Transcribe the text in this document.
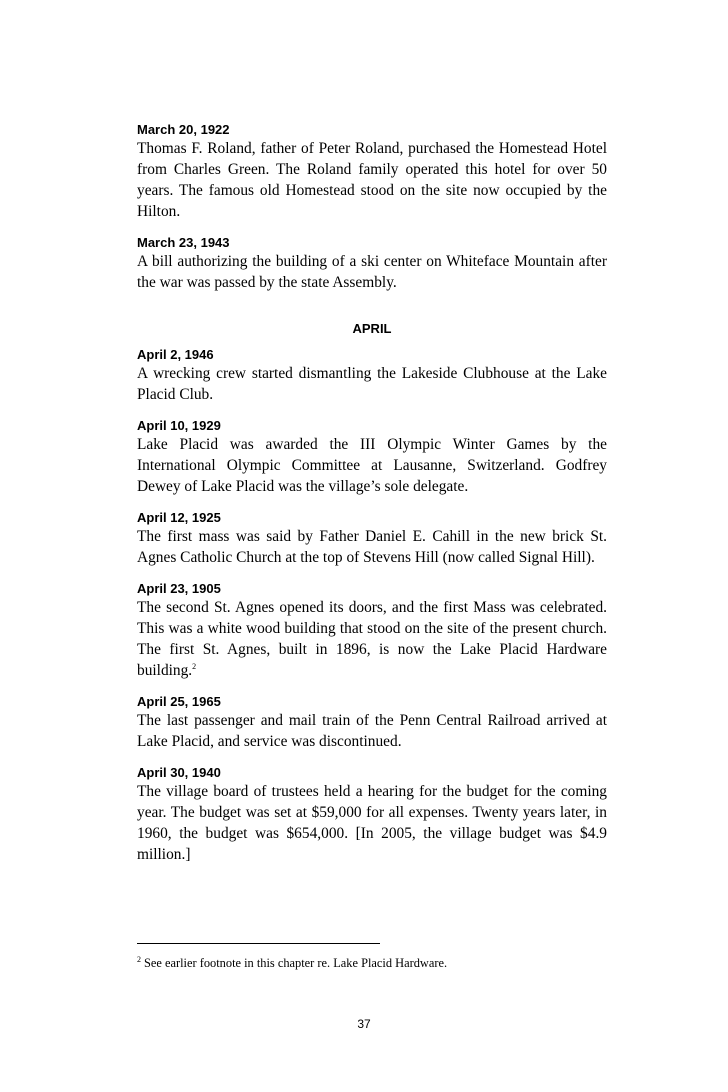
March 20, 1922

Thomas F. Roland, father of Peter Roland, purchased the Homestead Hotel from Charles Green. The Roland family operated this hotel for over 50 years. The famous old Homestead stood on the site now occupied by the Hilton.

March 23, 1943

A bill authorizing the building of a ski center on Whiteface Mountain after the war was passed by the state Assembly.

APRIL

April 2, 1946

A wrecking crew started dismantling the Lakeside Clubhouse at the Lake Placid Club.

April 10, 1929

Lake Placid was awarded the III Olympic Winter Games by the International Olympic Committee at Lausanne, Switzerland. Godfrey Dewey of Lake Placid was the village’s sole delegate.

April 12, 1925

The first mass was said by Father Daniel E. Cahill in the new brick St. Agnes Catholic Church at the top of Stevens Hill (now called Signal Hill).

April 23, 1905

The second St. Agnes opened its doors, and the first Mass was celebrated. This was a white wood building that stood on the site of the present church. The first St. Agnes, built in 1896, is now the Lake Placid Hardware building.$^2$

April 25, 1965

The last passenger and mail train of the Penn Central Railroad arrived at Lake Placid, and service was discontinued.

April 30, 1940

The village board of trustees held a hearing for the budget for the coming year. The budget was set at $59,000 for all expenses. Twenty years later, in 1960, the budget was $654,000. [In 2005, the village budget was $4.9 million.]

$^2$ See earlier footnote in this chapter re. Lake Placid Hardware.

37
